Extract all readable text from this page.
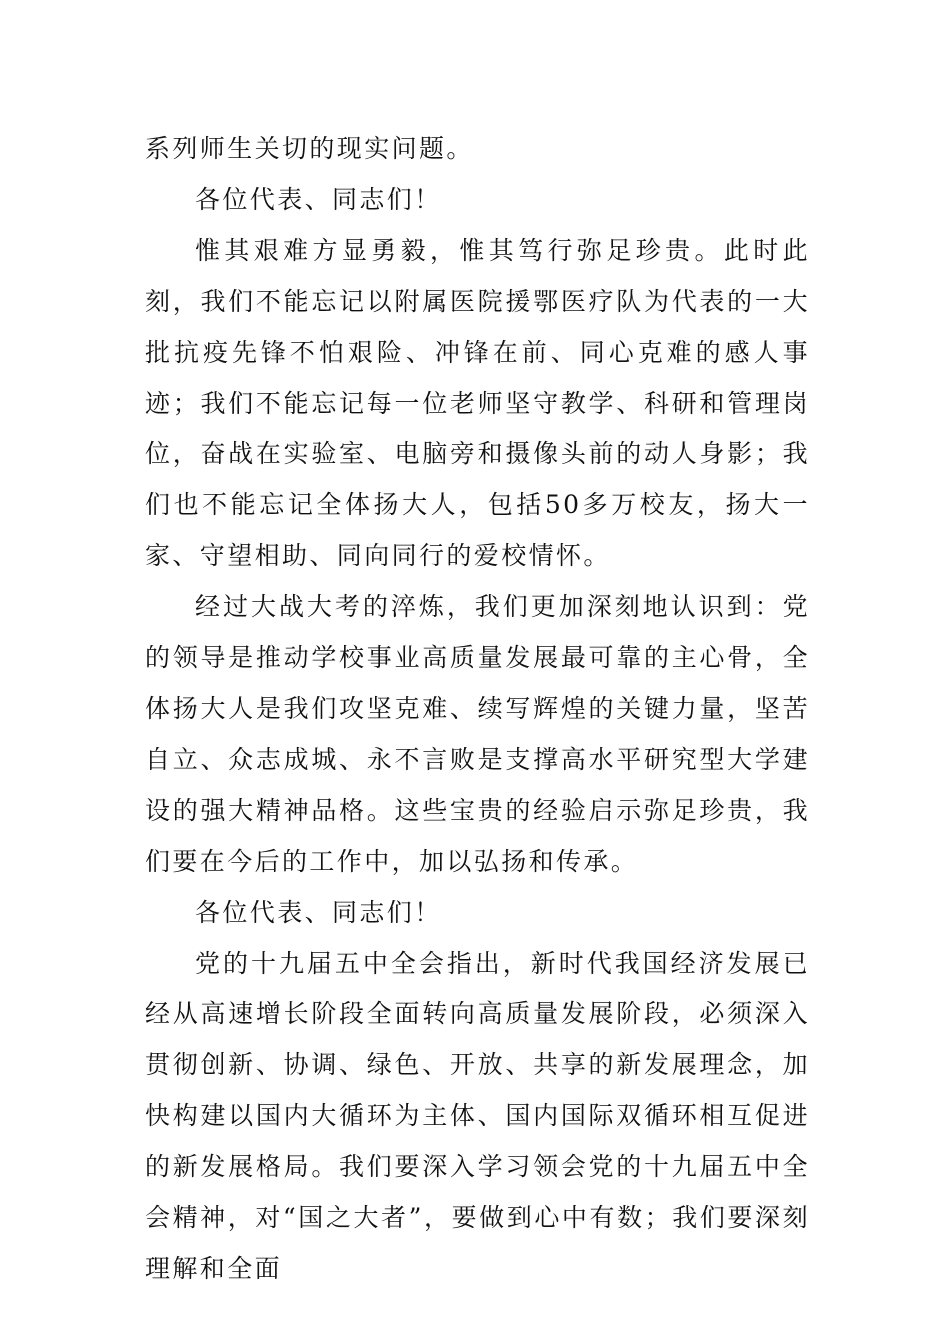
系列师生关切的现实问题。

各位代表、同志们！

惟其艰难方显勇毅，惟其笃行弥足珍贵。此时此刻，我们不能忘记以附属医院援鄂医疗队为代表的一大批抗疫先锋不怕艰险、冲锋在前、同心克难的感人事迹；我们不能忘记每一位老师坚守教学、科研和管理岗位，奋战在实验室、电脑旁和摄像头前的动人身影；我们也不能忘记全体扬大人，包括50多万校友，扬大一家、守望相助、同向同行的爱校情怀。

经过大战大考的淬炼，我们更加深刻地认识到：党的领导是推动学校事业高质量发展最可靠的主心骨，全体扬大人是我们攻坚克难、续写辉煌的关键力量，坚苦自立、众志成城、永不言败是支撑高水平研究型大学建设的强大精神品格。这些宝贵的经验启示弥足珍贵，我们要在今后的工作中，加以弘扬和传承。

各位代表、同志们！

党的十九届五中全会指出，新时代我国经济发展已经从高速增长阶段全面转向高质量发展阶段，必须深入贯彻创新、协调、绿色、开放、共享的新发展理念，加快构建以国内大循环为主体、国内国际双循环相互促进的新发展格局。我们要深入学习领会党的十九届五中全会精神，对“国之大者”，要做到心中有数；我们要深刻理解和全面
